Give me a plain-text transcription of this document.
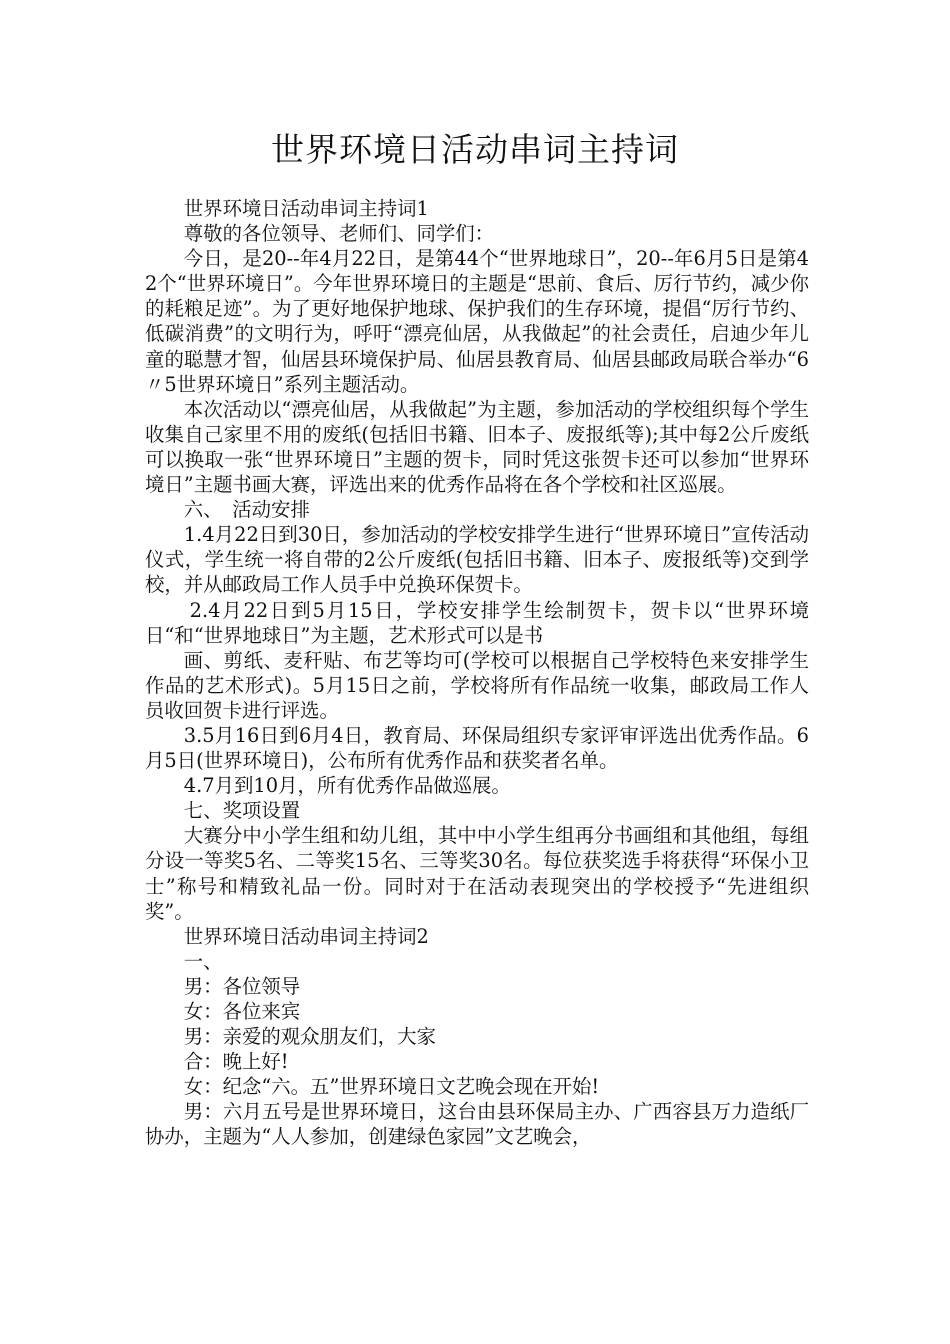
世界环境日活动串词主持词

世界环境日活动串词主持词1

尊敬的各位领导、老师们、同学们：

今日，是20--年4月22日，是第44个“世界地球日”，20--年6月5日是第42个“世界环境日”。今年世界环境日的主题是“思前、食后、厉行节约，减少你的耗粮足迹”。为了更好地保护地球、保护我们的生存环境，提倡“厉行节约、低碳消费”的文明行为，呼吁“漂亮仙居，从我做起”的社会责任，启迪少年儿童的聪慧才智，仙居县环境保护局、仙居县教育局、仙居县邮政局联合举办“6〃5世界环境日”系列主题活动。

本次活动以“漂亮仙居，从我做起”为主题，参加活动的学校组织每个学生收集自己家里不用的废纸(包括旧书籍、旧本子、废报纸等);其中每2公斤废纸可以换取一张“世界环境日”主题的贺卡，同时凭这张贺卡还可以参加“世界环境日”主题书画大赛，评选出来的优秀作品将在各个学校和社区巡展。

六、　活动安排

1.4月22日到30日，参加活动的学校安排学生进行“世界环境日”宣传活动仪式，学生统一将自带的2公斤废纸(包括旧书籍、旧本子、废报纸等)交到学校，并从邮政局工作人员手中兑换环保贺卡。

2.4月22日到5月15日，学校安排学生绘制贺卡，贺卡以“世界环境日“和“世界地球日”为主题，艺术形式可以是书

画、剪纸、麦秆贴、布艺等均可(学校可以根据自己学校特色来安排学生作品的艺术形式)。5月15日之前，学校将所有作品统一收集，邮政局工作人员收回贺卡进行评选。

3.5月16日到6月4日，教育局、环保局组织专家评审评选出优秀作品。6月5日(世界环境日)，公布所有优秀作品和获奖者名单。

4.7月到10月，所有优秀作品做巡展。

七、奖项设置

大赛分中小学生组和幼儿组，其中中小学生组再分书画组和其他组，每组分设一等奖5名、二等奖15名、三等奖30名。每位获奖选手将获得“环保小卫士”称号和精致礼品一份。同时对于在活动表现突出的学校授予“先进组织奖”。

世界环境日活动串词主持词2

一、

男：各位领导

女：各位来宾

男：亲爱的观众朋友们，大家

合：晚上好!

女：纪念“六。五”世界环境日文艺晚会现在开始!

男：六月五号是世界环境日，这台由县环保局主办、广西容县万力造纸厂协办，主题为“人人参加，创建绿色家园”文艺晚会，
